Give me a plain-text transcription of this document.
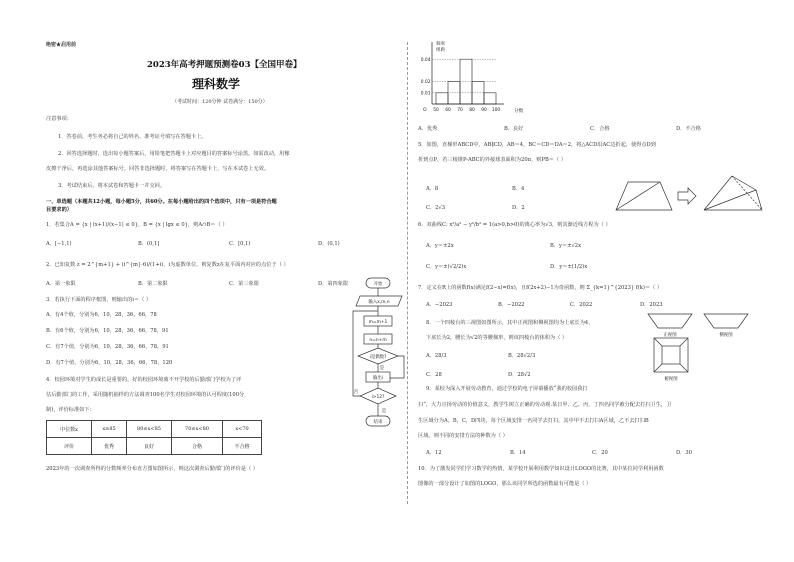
绝密★启用前
2023年高考押题预测卷03【全国甲卷】
理科数学
（考试时间：120分钟 试卷满分：150分）
注意事项：
1．答卷前，考生务必将自己的姓名、准考证号填写在答题卡上。
2．回答选择题时，选出每小题答案后，用铅笔把答题卡上对应题目的答案标号涂黑。如需改动，用橡
皮擦干净后，再选涂其他答案标号。回答非选择题时，将答案写在答题卡上，写在本试卷上无效。
3．考试结束后，将本试卷和答题卡一并交回。
一、单选题（本题共12小题，每小题5分，共60分。在每小题给出的四个选项中，只有一项是符合题
目要求的）
1．若集合A = {x | (x+1)/(x−1) ≤ 0}，B = {x | lgx ≤ 0}，则A∩B＝（ ）
A．[−1,1)	B．(0,1]	C．[0,1)	D．(0,1)
2．已知复数 z = 2^{m+1} + (i^{m}·6)/(1+i)，i为虚数单位，则复数z在复平面内对应的点位于（ ）
A．第一象限	B．第二象限	C．第三象限	D．第四象限
3．若执行下面的程序框图，则输出的i＝（ ）
A．有4个值，分别为6，10，28，36，66，78
B．有6个值，分别为6，10，28，36，66，78，91
C．有7个值，分别为6，10，28，36，66，78，91
D．有7个值，分别为6，10，28，36，66，78，120
4．校园环境对学生的成长是重要的，好的校园环境离不开学校的后勤部门学校为了评
估后勤部门的工作，采用随机抽样的方法调查100名学生对校园环境的认可程度(100分
制)，评价标准如下：
中位数x	x≥85	80≤x<85	70≤x<80	x<70
评价	优秀	良好	合格	不合格
2023年的一次调查所得的分数频率分布直方图如图所示，则这次调查后勤部门的评价是（ ）
开始
输入x,m,n
m=m+1
n=n+m
i是偶数?
输出i
i>12?
结束
是
是
否
频率
组距
分数
O
0.01
0.02
0.04
50 60 70 80 90 100
A．优秀	B．良好	C．合格	D．不合格
5．如图，直梯形ABCD中，AB∥CD，AB＝4，BC＝CD＝DA＝2，将△ACD沿AC边折起，使得点D到
折到点P，若三棱锥P-ABC的外接球表面积为20π，则PB＝（ ）
A．8	B．4
C．2√3	D．2
6．双曲线C: x²/a² − y²/b² = 1(a>0,b>0)的离心率为√3，则其渐近线方程为（ ）
A．y＝±2x	B．y＝±√2x
C．y＝±(√2/2)x	D．y＝±(1/2)x
7．定义在R上的函数f(x)满足f(2−x)=f(x)，且f(2x+2)−1为奇函数，则 Σ_{k=1}^{2023} f(k)＝（ ）
A．−2023	B．−2022	C．2022	D．2023
8．一个四棱台的三视图如图所示，其中正视图和侧视图均为上底长为4，
下底长为2，腰长为√2的等腰梯形，则该四棱台的体积为（ ）	正视图	侧视图
俯视图
A．28/3	B．28√2/3
C．28	D．28√2
9．某校为深入开展劳动教育，通过学校的电子屏幕播放“我的校园我打
扫”，大力宣扬劳动的价值意义，教学生树立正确的劳动观.某日甲、乙、丙、丁四名同学被分配去打扫卫生，卫
生区域分为A，B，C，D四块，每个区域安排一名同学去打扫，其中甲不去打扫A区域，乙不去打扫B
区域，则不同的安排方法的种数为（ ）
A．12	B．14	C．20	D．30
10．为了激发同学们学习数学的热情，某学校开展利用数学知识设计LOGO的比赛，其中某位同学利用函数
图像的一部分设计了如图的LOGO，那么该同学所选的函数最有可能是（ ）
